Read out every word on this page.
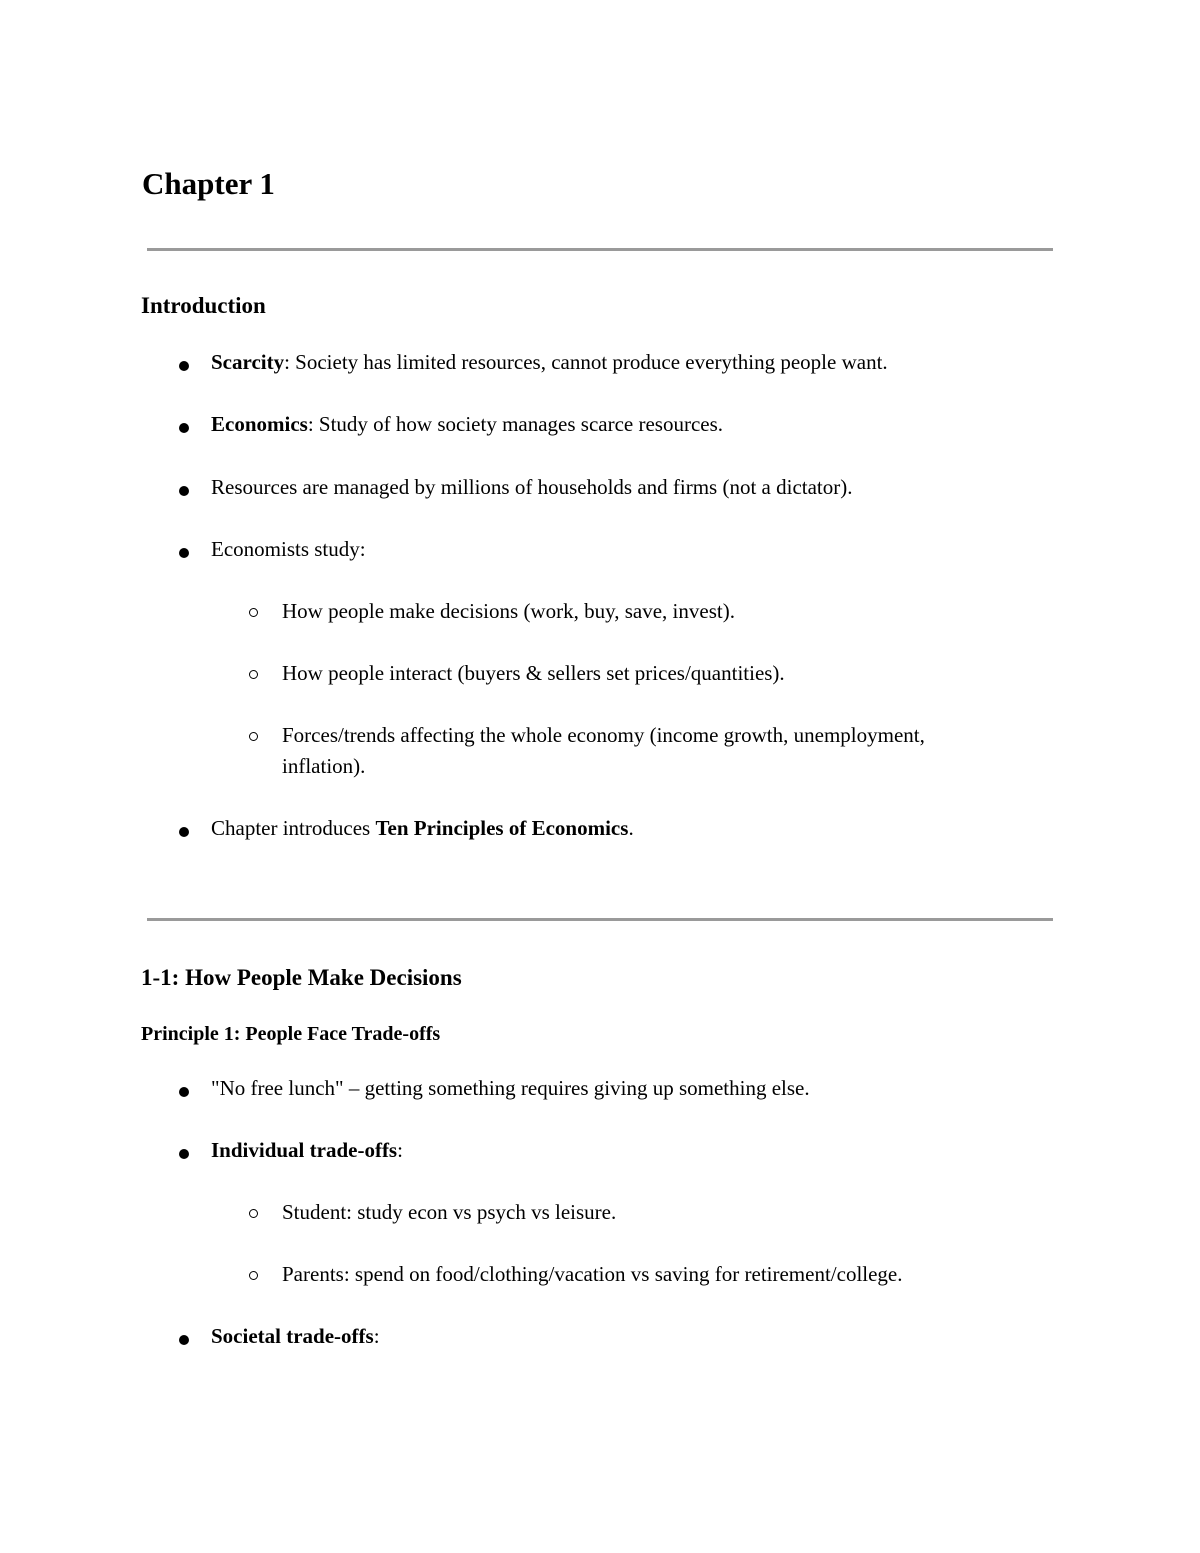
Chapter 1
Introduction
Scarcity: Society has limited resources, cannot produce everything people want.
Economics: Study of how society manages scarce resources.
Resources are managed by millions of households and firms (not a dictator).
Economists study:
How people make decisions (work, buy, save, invest).
How people interact (buyers & sellers set prices/quantities).
Forces/trends affecting the whole economy (income growth, unemployment,
inflation).
Chapter introduces Ten Principles of Economics.
1-1: How People Make Decisions
Principle 1: People Face Trade-offs
"No free lunch" – getting something requires giving up something else.
Individual trade-offs:
Student: study econ vs psych vs leisure.
Parents: spend on food/clothing/vacation vs saving for retirement/college.
Societal trade-offs:
